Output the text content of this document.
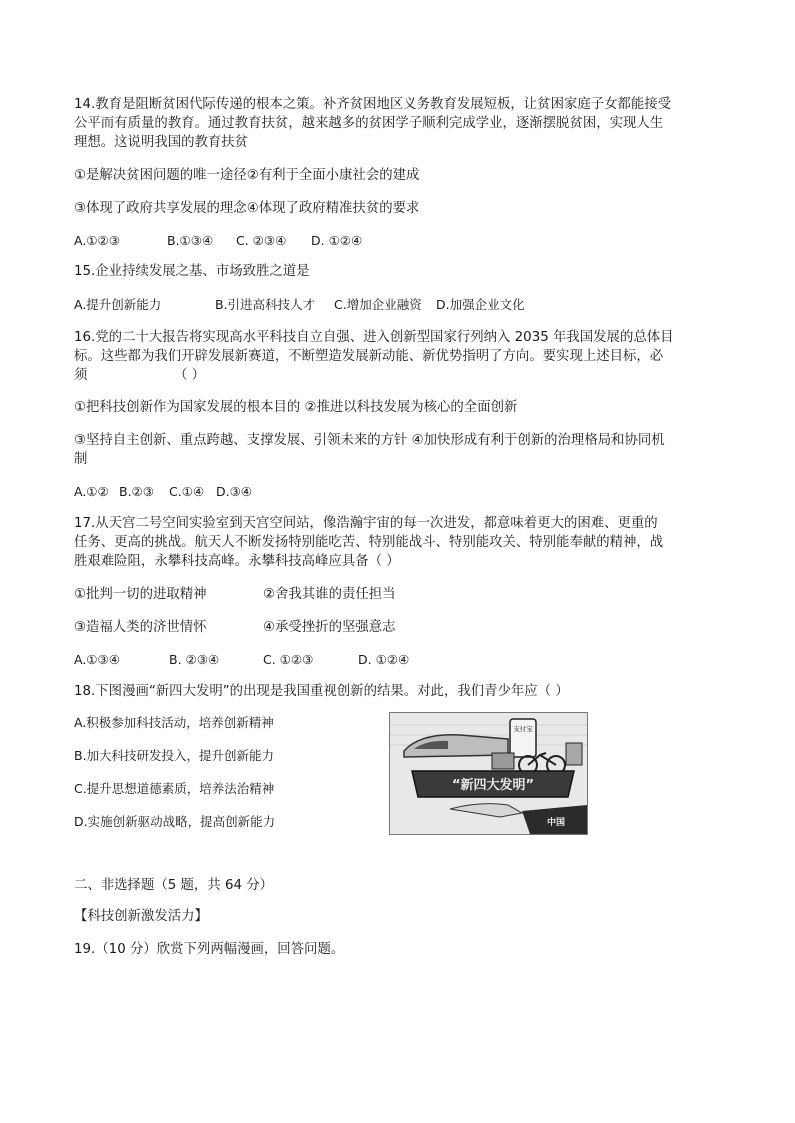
14.教育是阻断贫困代际传递的根本之策。补齐贫困地区义务教育发展短板，让贫困家庭子女都能接受
公平而有质量的教育。通过教育扶贫，越来越多的贫困学子顺利完成学业，逐渐摆脱贫困，实现人生
理想。这说明我国的教育扶贫
①是解决贫困问题的唯一途径②有利于全面小康社会的建成
③体现了政府共享发展的理念④体现了政府精准扶贫的要求
A.①②③	B.①③④ C. ②③④ D. ①②④
15.企业持续发展之基、市场致胜之道是
A.提升创新能力	B.引进高科技人才 C.增加企业融资 D.加强企业文化
16.党的二十大报告将实现高水平科技自立自强、进入创新型国家行列纳入 2035 年我国发展的总体目
标。这些都为我们开辟发展新赛道，不断塑造发展新动能、新优势指明了方向。要实现上述目标，必
须	（ ）
①把科技创新作为国家发展的根本目的 ②推进以科技发展为核心的全面创新
③坚持自主创新、重点跨越、支撑发展、引领未来的方针 ④加快形成有利于创新的治理格局和协同机
制
A.①② B.②③ C.①④ D.③④
17.从天宫二号空间实验室到天宫空间站，像浩瀚宇宙的每一次进发，都意味着更大的困难、更重的
任务、更高的挑战。航天人不断发扬特别能吃苦、特别能战斗、特别能攻关、特别能奉献的精神，战
胜艰难险阻，永攀科技高峰。永攀科技高峰应具备（ ）
①批判一切的进取精神	②舍我其谁的责任担当
③造福人类的济世情怀	④承受挫折的坚强意志
A.①③④	B. ②③④	C. ①②③	D. ①②④
18.下图漫画“新四大发明”的出现是我国重视创新的结果。对此，我们青少年应（ ）
A.积极参加科技活动，培养创新精神
B.加大科技研发投入，提升创新能力
C.提升思想道德素质，培养法治精神
D.实施创新驱动战略，提高创新能力
支付宝
“新四大发明”
中国
二、非选择题（5 题，共 64 分）
【科技创新激发活力】
19.（10 分）欣赏下列两幅漫画，回答问题。
